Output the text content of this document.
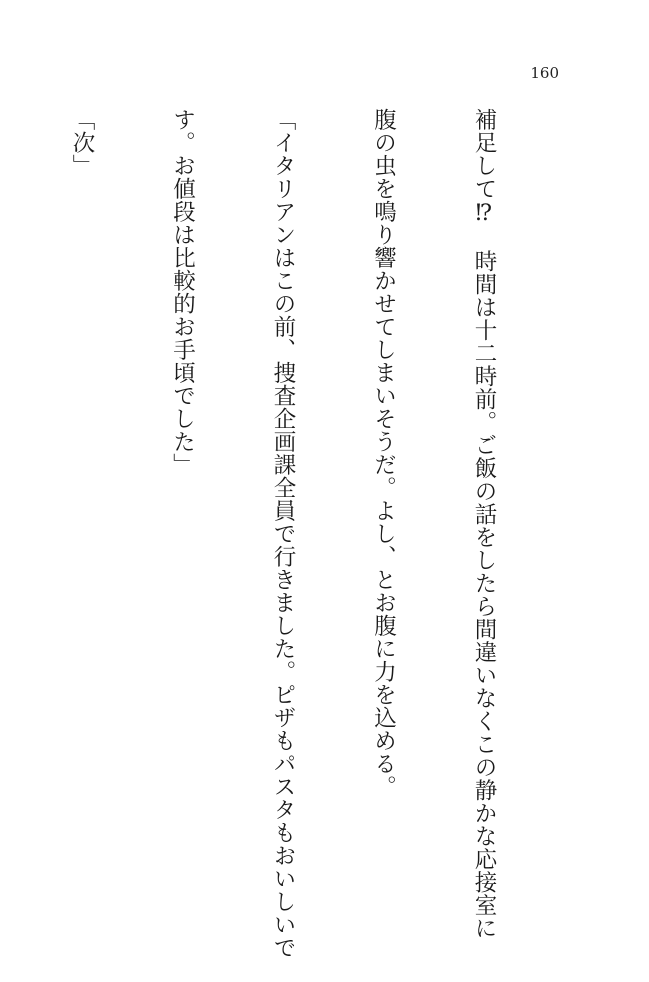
160

補足して⁉　時間は十二時前。ご飯の話をしたら間違いなくこの静かな応接室に

腹の虫を鳴り響かせてしまいそうだ。よし、とお腹に力を込める。

「イタリアンはこの前、捜査企画課全員で行きました。ピザもパスタもおいしいで

す。お値段は比較的お手頃でした」

「次」
